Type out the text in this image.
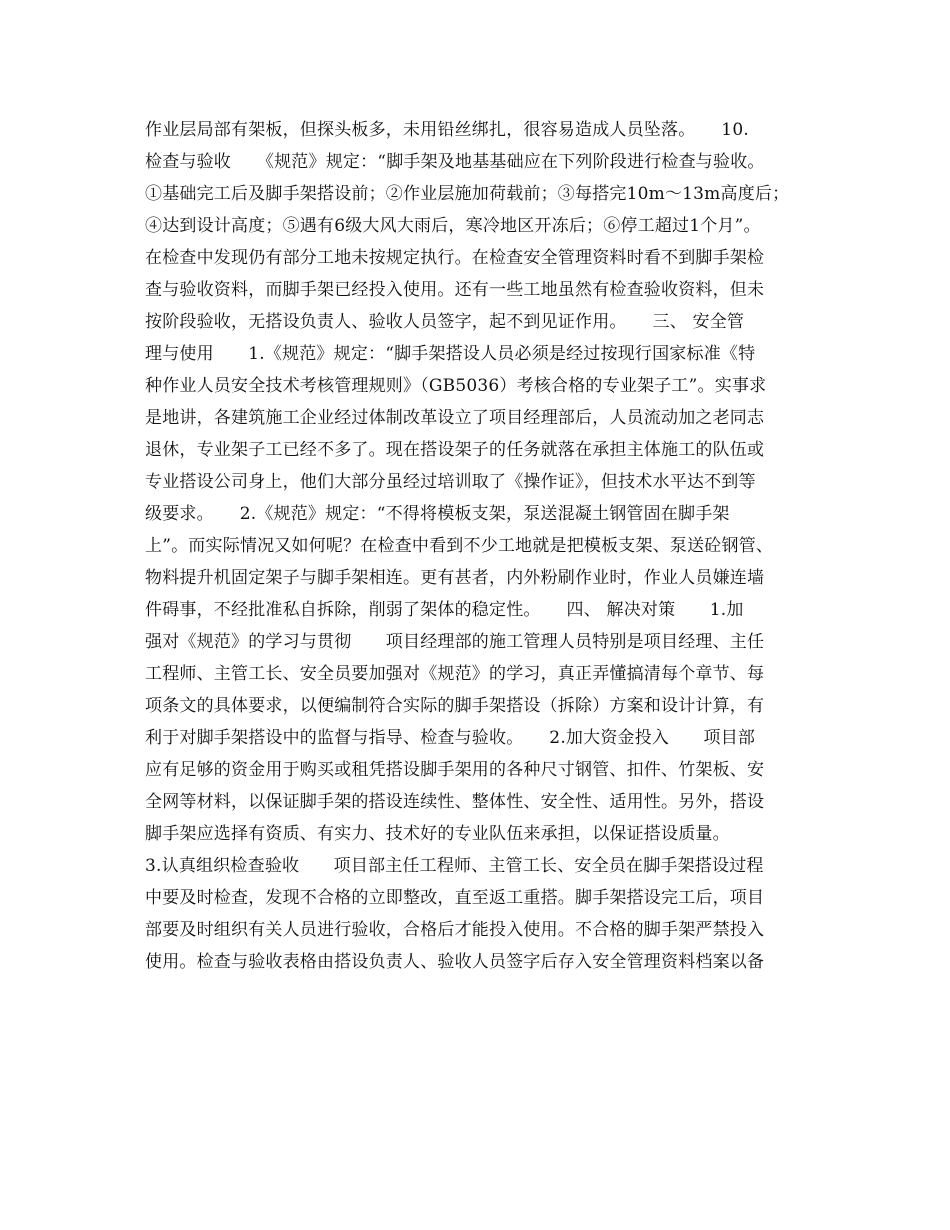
作业层局部有架板，但探头板多，未用铅丝绑扎，很容易造成人员坠落。　　10.
检查与验收　　《规范》规定：“脚手架及地基基础应在下列阶段进行检查与验收。
①基础完工后及脚手架搭设前；②作业层施加荷载前；③每搭完10m～13m高度后；
④达到设计高度；⑤遇有6级大风大雨后，寒冷地区开冻后；⑥停工超过1个月”。
在检查中发现仍有部分工地未按规定执行。在检查安全管理资料时看不到脚手架检
查与验收资料，而脚手架已经投入使用。还有一些工地虽然有检查验收资料，但未
按阶段验收，无搭设负责人、验收人员签字，起不到见证作用。　　三、 安全管
理与使用　　1.《规范》规定：“脚手架搭设人员必须是经过按现行国家标准《特
种作业人员安全技术考核管理规则》（GB5036）考核合格的专业架子工”。实事求
是地讲，各建筑施工企业经过体制改革设立了项目经理部后，人员流动加之老同志
退休，专业架子工已经不多了。现在搭设架子的任务就落在承担主体施工的队伍或
专业搭设公司身上，他们大部分虽经过培训取了《操作证》，但技术水平达不到等
级要求。　　2.《规范》规定：“不得将模板支架，泵送混凝土钢管固在脚手架
上”。而实际情况又如何呢？在检查中看到不少工地就是把模板支架、泵送砼钢管、
物料提升机固定架子与脚手架相连。更有甚者，内外粉刷作业时，作业人员嫌连墙
件碍事，不经批准私自拆除，削弱了架体的稳定性。　　四、 解决对策　　1.加
强对《规范》的学习与贯彻　　项目经理部的施工管理人员特别是项目经理、主任
工程师、主管工长、安全员要加强对《规范》的学习，真正弄懂搞清每个章节、每
项条文的具体要求，以便编制符合实际的脚手架搭设（拆除）方案和设计计算，有
利于对脚手架搭设中的监督与指导、检查与验收。　　2.加大资金投入　　项目部
应有足够的资金用于购买或租凭搭设脚手架用的各种尺寸钢管、扣件、竹架板、安
全网等材料，以保证脚手架的搭设连续性、整体性、安全性、适用性。另外，搭设
脚手架应选择有资质、有实力、技术好的专业队伍来承担，以保证搭设质量。
3.认真组织检查验收　　项目部主任工程师、主管工长、安全员在脚手架搭设过程
中要及时检查，发现不合格的立即整改，直至返工重搭。脚手架搭设完工后，项目
部要及时组织有关人员进行验收，合格后才能投入使用。不合格的脚手架严禁投入
使用。检查与验收表格由搭设负责人、验收人员签字后存入安全管理资料档案以备
